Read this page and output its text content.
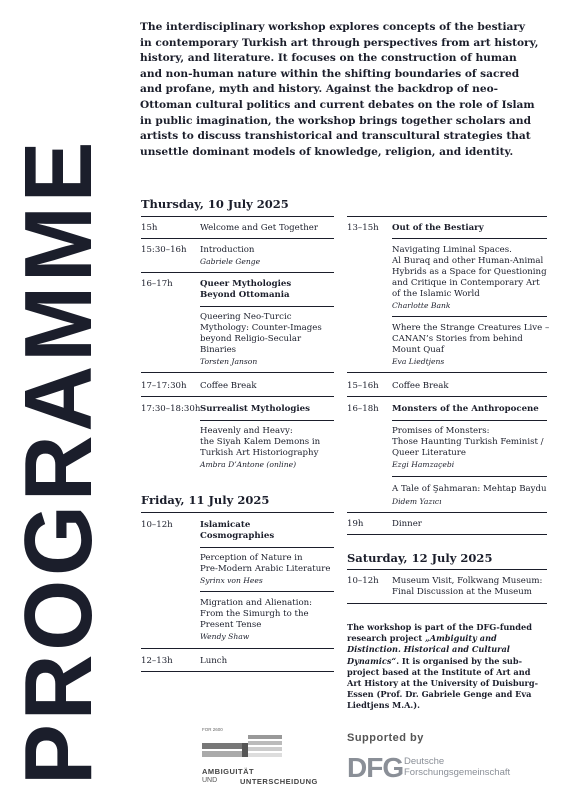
The interdisciplinary workshop explores concepts of the bestiary in contemporary Turkish art through perspectives from art history, history, and literature. It focuses on the construction of human and non-human nature within the shifting boundaries of sacred and profane, myth and history. Against the backdrop of neo-Ottoman cultural politics and current debates on the role of Islam in public imagination, the workshop brings together scholars and artists to discuss transhistorical and transcultural strategies that unsettle dominant models of knowledge, religion, and identity.
PROGRAMME	Thursday, 10 July 2025
15h	Welcome and Get Together
15:30–16h Introduction
Gabriele Genge
16–17h	Queer Mythologies
Beyond Ottomania
Queering Neo-Turcic
Mythology: Counter-Images
beyond Religio-Secular
Binaries
Torsten Janson
17–17:30h Coffee Break
17:30–18:30h Surrealist Mythologies
Heavenly and Heavy:
the Siyah Kalem Demons in
Turkish Art Historiography
Ambra D’Antone (online)
Friday, 11 July 2025
10–12h	Islamicate
Cosmographies
Perception of Nature in
Pre-Modern Arabic Literature
Syrinx von Hees
Migration and Alienation:
From the Simurgh to the
Present Tense
Wendy Shaw
12–13h	Lunch
13–15h Out of the Bestiary
Navigating Liminal Spaces.
Al Buraq and other Human-Animal
Hybrids as a Space for Questioning
and Critique in Contemporary Art
of the Islamic World
Charlotte Bank
Where the Strange Creatures Live –
CANAN’s Stories from behind
Mount Quaf
Eva Liedtjens
15–16h Coffee Break
16–18h Monsters of the Anthropocene
Promises of Monsters:
Those Haunting Turkish Feminist /
Queer Literature
Ezgi Hamzaçebi
A Tale of Şahmaran: Mehtap Baydu
Didem Yazıcı
19h	Dinner
Saturday, 12 July 2025
10–12h Museum Visit, Folkwang Museum:
Final Discussion at the Museum
The workshop is part of the DFG-funded research project „Ambiguity and Distinction. Historical and Cultural Dynamics“. It is organised by the sub-project based at the Institute of Art and Art History at the University of Duisburg-Essen (Prof. Dr. Gabriele Genge and Eva Liedtjens M.A.).
FOR 2600
AMBIGUITÄT
UND	UNTERSCHEIDUNG
Supported by
DFG Deutsche
Forschungsgemeinschaft
